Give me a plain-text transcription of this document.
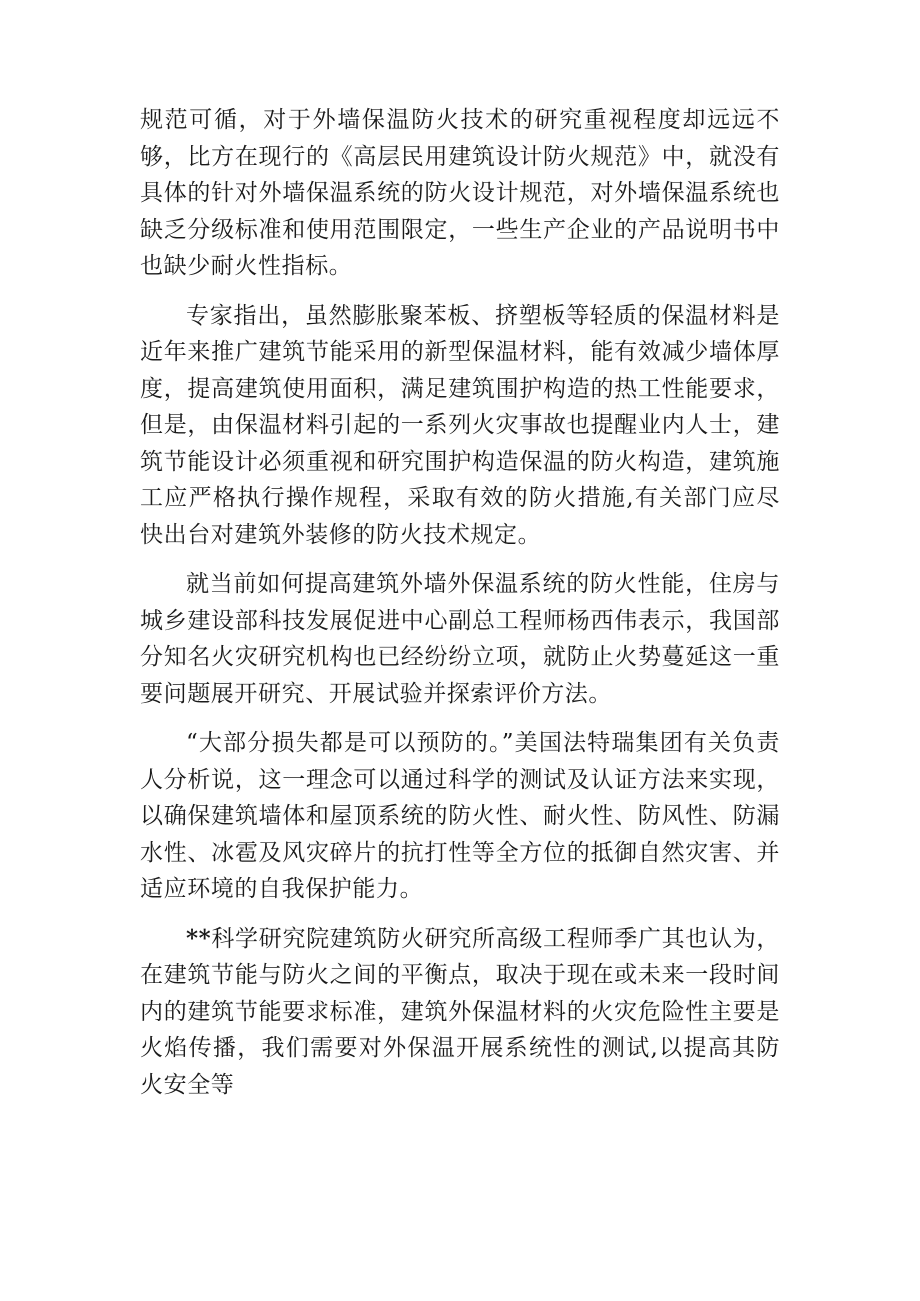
规范可循，对于外墙保温防火技术的研究重视程度却远远不够，比方在现行的《高层民用建筑设计防火规范》中，就没有具体的针对外墙保温系统的防火设计规范，对外墙保温系统也缺乏分级标准和使用范围限定，一些生产企业的产品说明书中也缺少耐火性指标。

专家指出，虽然膨胀聚苯板、挤塑板等轻质的保温材料是近年来推广建筑节能采用的新型保温材料，能有效减少墙体厚度，提高建筑使用面积，满足建筑围护构造的热工性能要求，但是，由保温材料引起的一系列火灾事故也提醒业内人士，建筑节能设计必须重视和研究围护构造保温的防火构造，建筑施工应严格执行操作规程，采取有效的防火措施,有关部门应尽快出台对建筑外装修的防火技术规定。

就当前如何提高建筑外墙外保温系统的防火性能，住房与城乡建设部科技发展促进中心副总工程师杨西伟表示，我国部分知名火灾研究机构也已经纷纷立项，就防止火势蔓延这一重要问题展开研究、开展试验并探索评价方法。

“大部分损失都是可以预防的。”美国法特瑞集团有关负责人分析说，这一理念可以通过科学的测试及认证方法来实现，以确保建筑墙体和屋顶系统的防火性、耐火性、防风性、防漏水性、冰雹及风灾碎片的抗打性等全方位的抵御自然灾害、并适应环境的自我保护能力。

**科学研究院建筑防火研究所高级工程师季广其也认为，在建筑节能与防火之间的平衡点，取决于现在或未来一段时间内的建筑节能要求标准，建筑外保温材料的火灾危险性主要是火焰传播，我们需要对外保温开展系统性的测试,以提高其防火安全等
